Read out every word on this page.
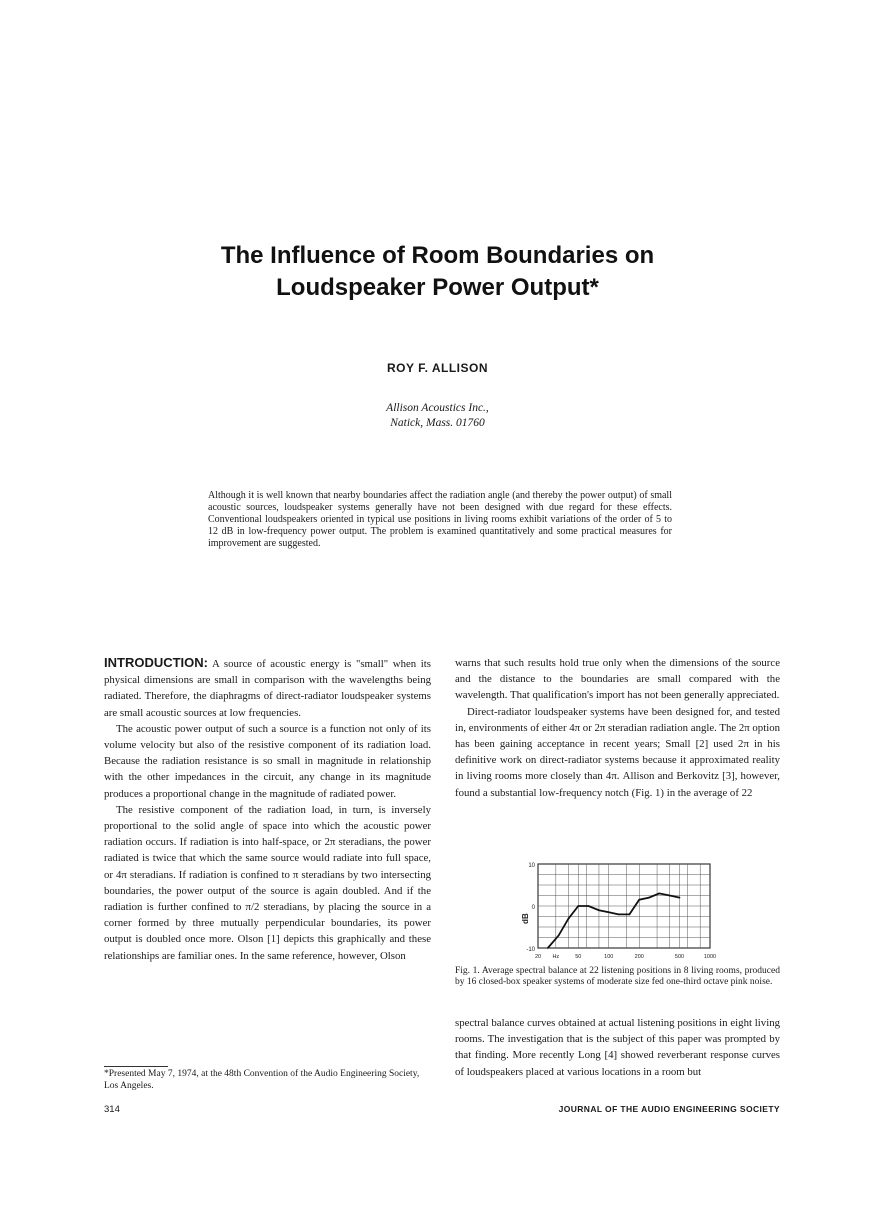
The Influence of Room Boundaries on
Loudspeaker Power Output*
ROY F. ALLISON
Allison Acoustics Inc.,
Natick, Mass. 01760
Although it is well known that nearby boundaries affect the radiation angle (and thereby the power output) of small acoustic sources, loudspeaker systems generally have not been designed with due regard for these effects. Conventional loudspeakers oriented in typical use positions in living rooms exhibit variations of the order of 5 to 12 dB in low-frequency power output. The problem is examined quantitatively and some practical measures for improvement are suggested.

INTRODUCTION: A source of acoustic energy is "small" when its physical dimensions are small in comparison with the wavelengths being radiated. Therefore, the diaphragms of direct-radiator loudspeaker systems are small acoustic sources at low frequencies.

The acoustic power output of such a source is a function not only of its volume velocity but also of the resistive component of its radiation load. Because the radiation resistance is so small in magnitude in relationship with the other impedances in the circuit, any change in its magnitude produces a proportional change in the magnitude of radiated power.

The resistive component of the radiation load, in turn, is inversely proportional to the solid angle of space into which the acoustic power radiation occurs. If radiation is into half-space, or 2π steradians, the power radiated is twice that which the same source would radiate into full space, or 4π steradians. If radiation is confined to π steradians by two intersecting boundaries, the power output of the source is again doubled. And if the radiation is further confined to π/2 steradians, by placing the source in a corner formed by three mutually perpendicular boundaries, its power output is doubled once more. Olson [1] depicts this graphically and these relationships are familiar ones. In the same reference, however, Olson

warns that such results hold true only when the dimensions of the source and the distance to the boundaries are small compared with the wavelength. That qualification's import has not been generally appreciated.

Direct-radiator loudspeaker systems have been designed for, and tested in, environments of either 4π or 2π steradian radiation angle. The 2π option has been gaining acceptance in recent years; Small [2] used 2π in his definitive work on direct-radiator systems because it approximated reality in living rooms more closely than 4π. Allison and Berkovitz [3], however, found a substantial low-frequency notch (Fig. 1) in the average of 22

10
0
-10
dB
20 Hz	50	100	200	500	1000
Fig. 1. Average spectral balance at 22 listening positions in 8 living rooms, produced by 16 closed-box speaker systems of moderate size fed one-third octave pink noise.

spectral balance curves obtained at actual listening positions in eight living rooms. The investigation that is the subject of this paper was prompted by that finding. More recently Long [4] showed reverberant response curves of loudspeakers placed at various locations in a room but

*Presented May 7, 1974, at the 48th Convention of the Audio Engineering Society, Los Angeles.
314	JOURNAL OF THE AUDIO ENGINEERING SOCIETY
